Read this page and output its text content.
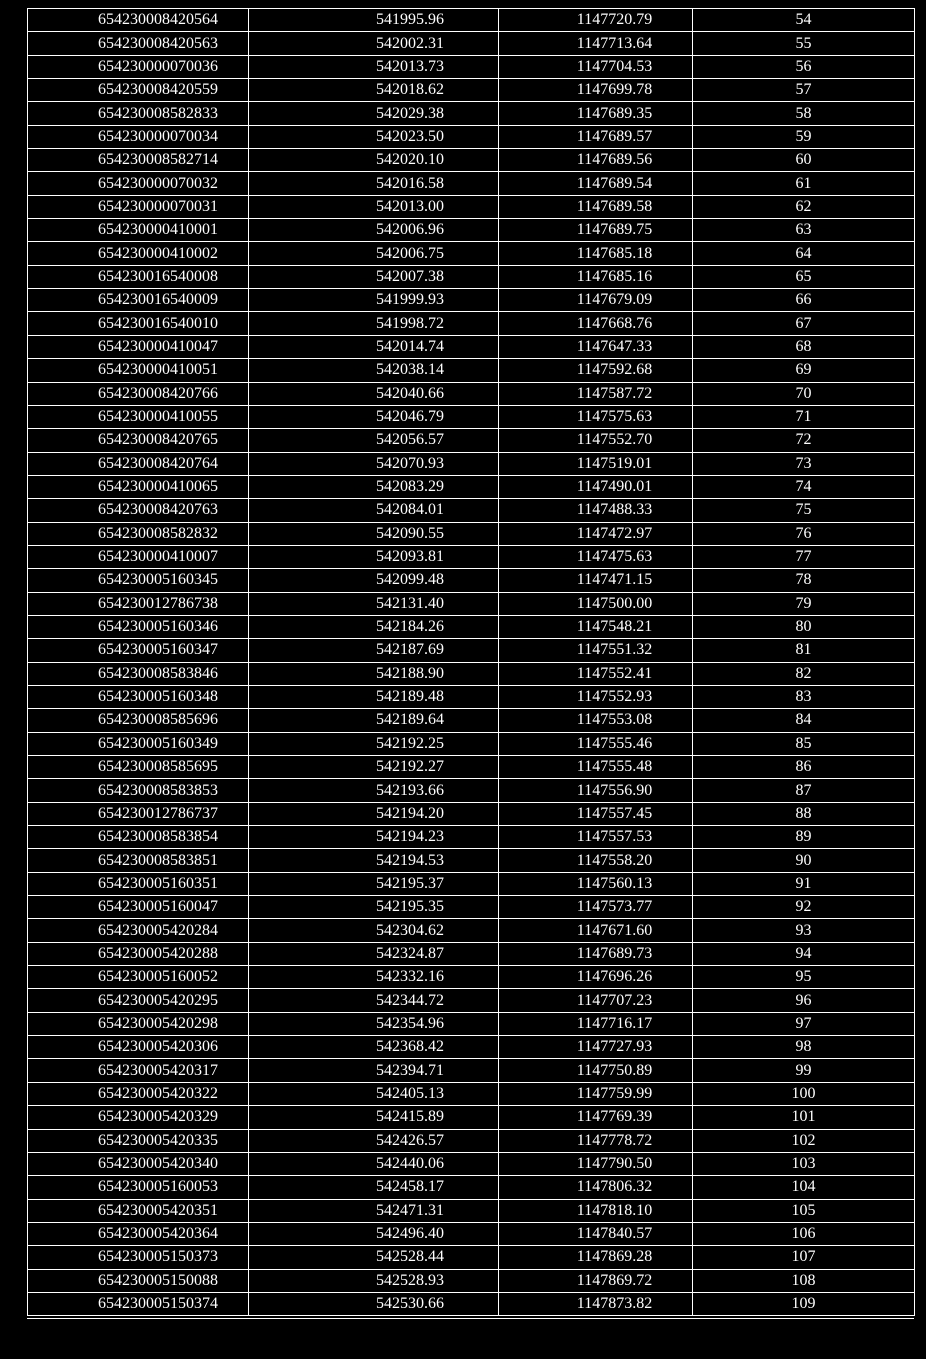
654230008420564	541995.96	1147720.79	54
654230008420563	542002.31	1147713.64	55
654230000070036	542013.73	1147704.53	56
654230008420559	542018.62	1147699.78	57
654230008582833	542029.38	1147689.35	58
654230000070034	542023.50	1147689.57	59
654230008582714	542020.10	1147689.56	60
654230000070032	542016.58	1147689.54	61
654230000070031	542013.00	1147689.58	62
654230000410001	542006.96	1147689.75	63
654230000410002	542006.75	1147685.18	64
654230016540008	542007.38	1147685.16	65
654230016540009	541999.93	1147679.09	66
654230016540010	541998.72	1147668.76	67
654230000410047	542014.74	1147647.33	68
654230000410051	542038.14	1147592.68	69
654230008420766	542040.66	1147587.72	70
654230000410055	542046.79	1147575.63	71
654230008420765	542056.57	1147552.70	72
654230008420764	542070.93	1147519.01	73
654230000410065	542083.29	1147490.01	74
654230008420763	542084.01	1147488.33	75
654230008582832	542090.55	1147472.97	76
654230000410007	542093.81	1147475.63	77
654230005160345	542099.48	1147471.15	78
654230012786738	542131.40	1147500.00	79
654230005160346	542184.26	1147548.21	80
654230005160347	542187.69	1147551.32	81
654230008583846	542188.90	1147552.41	82
654230005160348	542189.48	1147552.93	83
654230008585696	542189.64	1147553.08	84
654230005160349	542192.25	1147555.46	85
654230008585695	542192.27	1147555.48	86
654230008583853	542193.66	1147556.90	87
654230012786737	542194.20	1147557.45	88
654230008583854	542194.23	1147557.53	89
654230008583851	542194.53	1147558.20	90
654230005160351	542195.37	1147560.13	91
654230005160047	542195.35	1147573.77	92
654230005420284	542304.62	1147671.60	93
654230005420288	542324.87	1147689.73	94
654230005160052	542332.16	1147696.26	95
654230005420295	542344.72	1147707.23	96
654230005420298	542354.96	1147716.17	97
654230005420306	542368.42	1147727.93	98
654230005420317	542394.71	1147750.89	99
654230005420322	542405.13	1147759.99	100
654230005420329	542415.89	1147769.39	101
654230005420335	542426.57	1147778.72	102
654230005420340	542440.06	1147790.50	103
654230005160053	542458.17	1147806.32	104
654230005420351	542471.31	1147818.10	105
654230005420364	542496.40	1147840.57	106
654230005150373	542528.44	1147869.28	107
654230005150088	542528.93	1147869.72	108
654230005150374	542530.66	1147873.82	109
